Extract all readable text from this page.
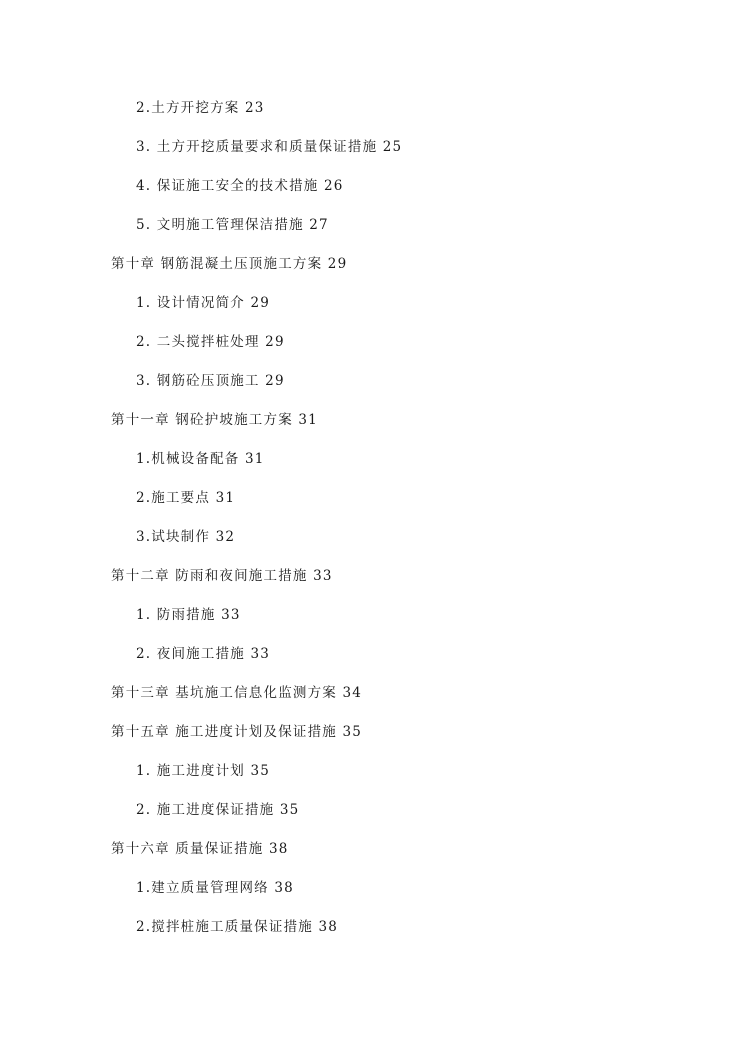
2.土方开挖方案 23
3. 土方开挖质量要求和质量保证措施 25
4. 保证施工安全的技术措施 26
5. 文明施工管理保洁措施 27
第十章 钢筋混凝土压顶施工方案 29
1. 设计情况简介 29
2. 二头搅拌桩处理 29
3. 钢筋砼压顶施工 29
第十一章 钢砼护坡施工方案 31
1.机械设备配备 31
2.施工要点 31
3.试块制作 32
第十二章 防雨和夜间施工措施 33
1. 防雨措施 33
2. 夜间施工措施 33
第十三章 基坑施工信息化监测方案 34
第十五章 施工进度计划及保证措施 35
1. 施工进度计划 35
2. 施工进度保证措施 35
第十六章 质量保证措施 38
1.建立质量管理网络 38
2.搅拌桩施工质量保证措施 38
